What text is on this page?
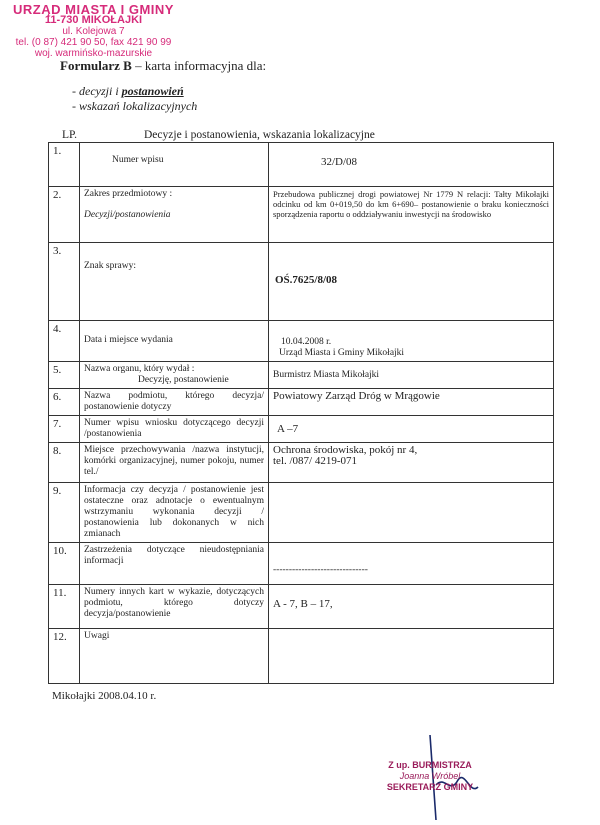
URZĄD MIASTA I GMINY
11-730 MIKOŁAJKI
ul. Kolejowa 7
tel. (0 87) 421 90 50, fax 421 90 99
woj. warmińsko-mazurskie
Formularz B – karta informacyjna dla:
- decyzji i postanowień
- wskazań lokalizacyjnych
LP.	Decyzje i postanowienia, wskazania lokalizacyjne
1.	Numer wpisu	32/D/08

2.	Zakres przedmiotowy :
Decyzji/postanowienia	Przebudowa publicznej drogi powiatowej Nr 1779 N relacji: Tałty Mikołajki odcinku od km 0+019,50 do km 6+690– postanowienie o braku konieczności sporządzenia raportu o oddziaływaniu inwestycji na środowisko
3.	Znak sprawy:	OŚ.7625/8/08

4.	Data i miejsce wydania	10.04.2008 r.
Urząd Miasta i Gminy Mikołajki

5.	Nazwa organu, który wydał :
Decyzję, postanowienie	Burmistrz Miasta Mikołajki

6.	Nazwa podmiotu, którego decyzja/ postanowienie dotyczy	Powiatowy Zarząd Dróg w Mrągowie
7.	Numer wpisu wniosku dotyczącego decyzji /postanowienia	A –7

8.	Miejsce przechowywania /nazwa instytucji, komórki organizacyjnej, numer pokoju, numer tel./	Ochrona środowiska, pokój nr 4,
tel. /087/ 4219-071

9.	Informacja czy decyzja / postanowienie jest ostateczne oraz adnotacje o ewentualnym wstrzymaniu wykonania decyzji / postanowienia lub dokonanych w nich zmianach	
10.	Zastrzeżenia dotyczące nieudostępniania informacji	------------------------------

11.	Numery innych kart w wykazie, dotyczących podmiotu, którego dotyczy decyzja/postanowienie	A - 7, B – 17,

12.	Uwagi	
Mikołajki 2008.04.10 r.
Z up. BURMISTRZA
Joanna Wróbel
SEKRETARZ GMINY
